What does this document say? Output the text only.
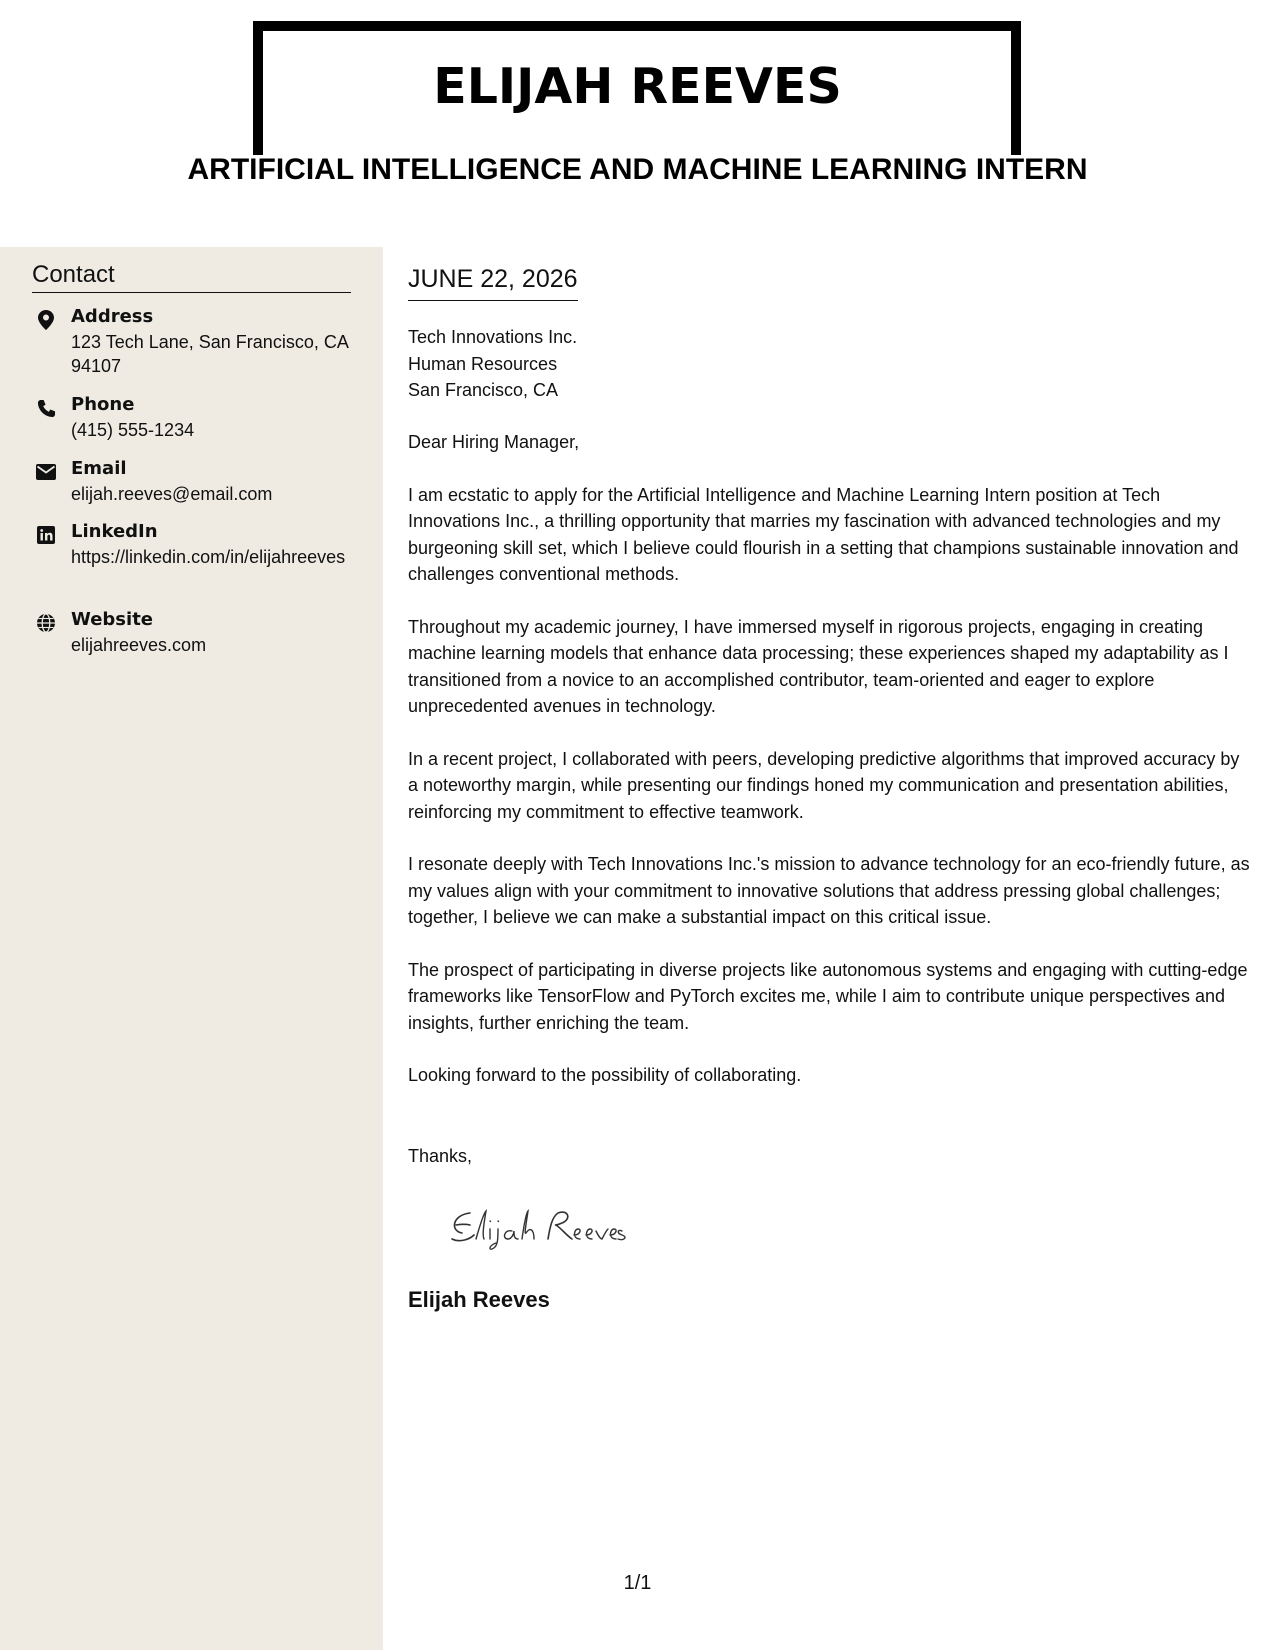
ELIJAH REEVES
ARTIFICIAL INTELLIGENCE AND MACHINE LEARNING INTERN
Contact
Address
123 Tech Lane, San Francisco, CA 94107
Phone
(415) 555-1234
Email
elijah.reeves@email.com
LinkedIn
https://linkedin.com/in/elijahreeves
Website
elijahreeves.com
JUNE 22, 2026
Tech Innovations Inc.
Human Resources
San Francisco, CA

Dear Hiring Manager,

I am ecstatic to apply for the Artificial Intelligence and Machine Learning Intern position at Tech Innovations Inc., a thrilling opportunity that marries my fascination with advanced technologies and my burgeoning skill set, which I believe could flourish in a setting that champions sustainable innovation and challenges conventional methods.

Throughout my academic journey, I have immersed myself in rigorous projects, engaging in creating machine learning models that enhance data processing; these experiences shaped my adaptability as I transitioned from a novice to an accomplished contributor, team-oriented and eager to explore unprecedented avenues in technology.

In a recent project, I collaborated with peers, developing predictive algorithms that improved accuracy by a noteworthy margin, while presenting our findings honed my communication and presentation abilities, reinforcing my commitment to effective teamwork.

I resonate deeply with Tech Innovations Inc.'s mission to advance technology for an eco-friendly future, as my values align with your commitment to innovative solutions that address pressing global challenges; together, I believe we can make a substantial impact on this critical issue.

The prospect of participating in diverse projects like autonomous systems and engaging with cutting-edge frameworks like TensorFlow and PyTorch excites me, while I aim to contribute unique perspectives and insights, further enriching the team.

Looking forward to the possibility of collaborating.

Thanks,
Elijah Reeves
1/1
